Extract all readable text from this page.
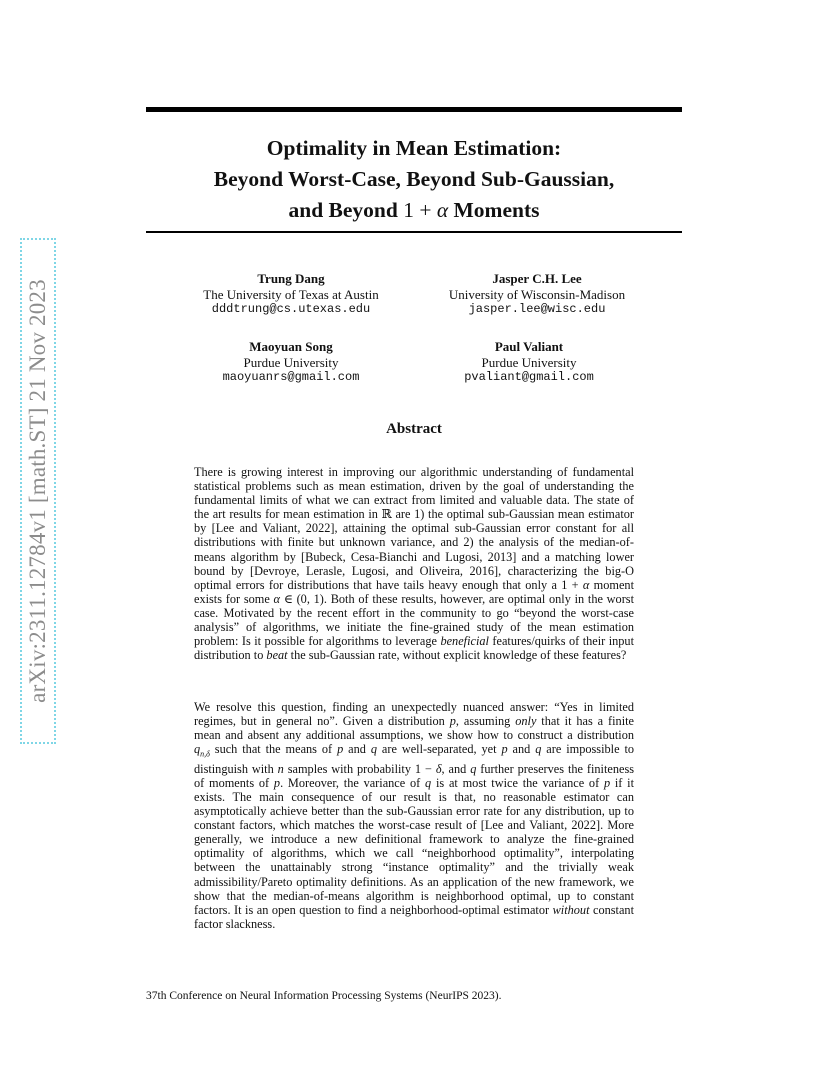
Optimality in Mean Estimation:
Beyond Worst-Case, Beyond Sub-Gaussian,
and Beyond 1 + α Moments
arXiv:2311.12784v1 [math.ST] 21 Nov 2023
Trung Dang
The University of Texas at Austin
dddtrung@cs.utexas.edu
Jasper C.H. Lee
University of Wisconsin-Madison
jasper.lee@wisc.edu
Maoyuan Song
Purdue University
maoyuanrs@gmail.com
Paul Valiant
Purdue University
pvaliant@gmail.com
Abstract
There is growing interest in improving our algorithmic understanding of fundamental statistical problems such as mean estimation, driven by the goal of understanding the fundamental limits of what we can extract from limited and valuable data. The state of the art results for mean estimation in ℝ are 1) the optimal sub-Gaussian mean estimator by [Lee and Valiant, 2022], attaining the optimal sub-Gaussian error constant for all distributions with finite but unknown variance, and 2) the analysis of the median-of-means algorithm by [Bubeck, Cesa-Bianchi and Lugosi, 2013] and a matching lower bound by [Devroye, Lerasle, Lugosi, and Oliveira, 2016], characterizing the big-O optimal errors for distributions that have tails heavy enough that only a 1 + α moment exists for some α ∈ (0, 1). Both of these results, however, are optimal only in the worst case. Motivated by the recent effort in the community to go “beyond the worst-case analysis” of algorithms, we initiate the fine-grained study of the mean estimation problem: Is it possible for algorithms to leverage beneficial features/quirks of their input distribution to beat the sub-Gaussian rate, without explicit knowledge of these features?
We resolve this question, finding an unexpectedly nuanced answer: “Yes in limited regimes, but in general no”. Given a distribution p, assuming only that it has a finite mean and absent any additional assumptions, we show how to construct a distribution $q_{n,\delta}$ such that the means of p and q are well-separated, yet p and q are impossible to distinguish with n samples with probability 1 − δ, and q further preserves the finiteness of moments of p. Moreover, the variance of q is at most twice the variance of p if it exists. The main consequence of our result is that, no reasonable estimator can asymptotically achieve better than the sub-Gaussian error rate for any distribution, up to constant factors, which matches the worst-case result of [Lee and Valiant, 2022]. More generally, we introduce a new definitional framework to analyze the fine-grained optimality of algorithms, which we call “neighborhood optimality”, interpolating between the unattainably strong “instance optimality” and the trivially weak admissibility/Pareto optimality definitions. As an application of the new framework, we show that the median-of-means algorithm is neighborhood optimal, up to constant factors. It is an open question to find a neighborhood-optimal estimator without constant factor slackness.
37th Conference on Neural Information Processing Systems (NeurIPS 2023).
